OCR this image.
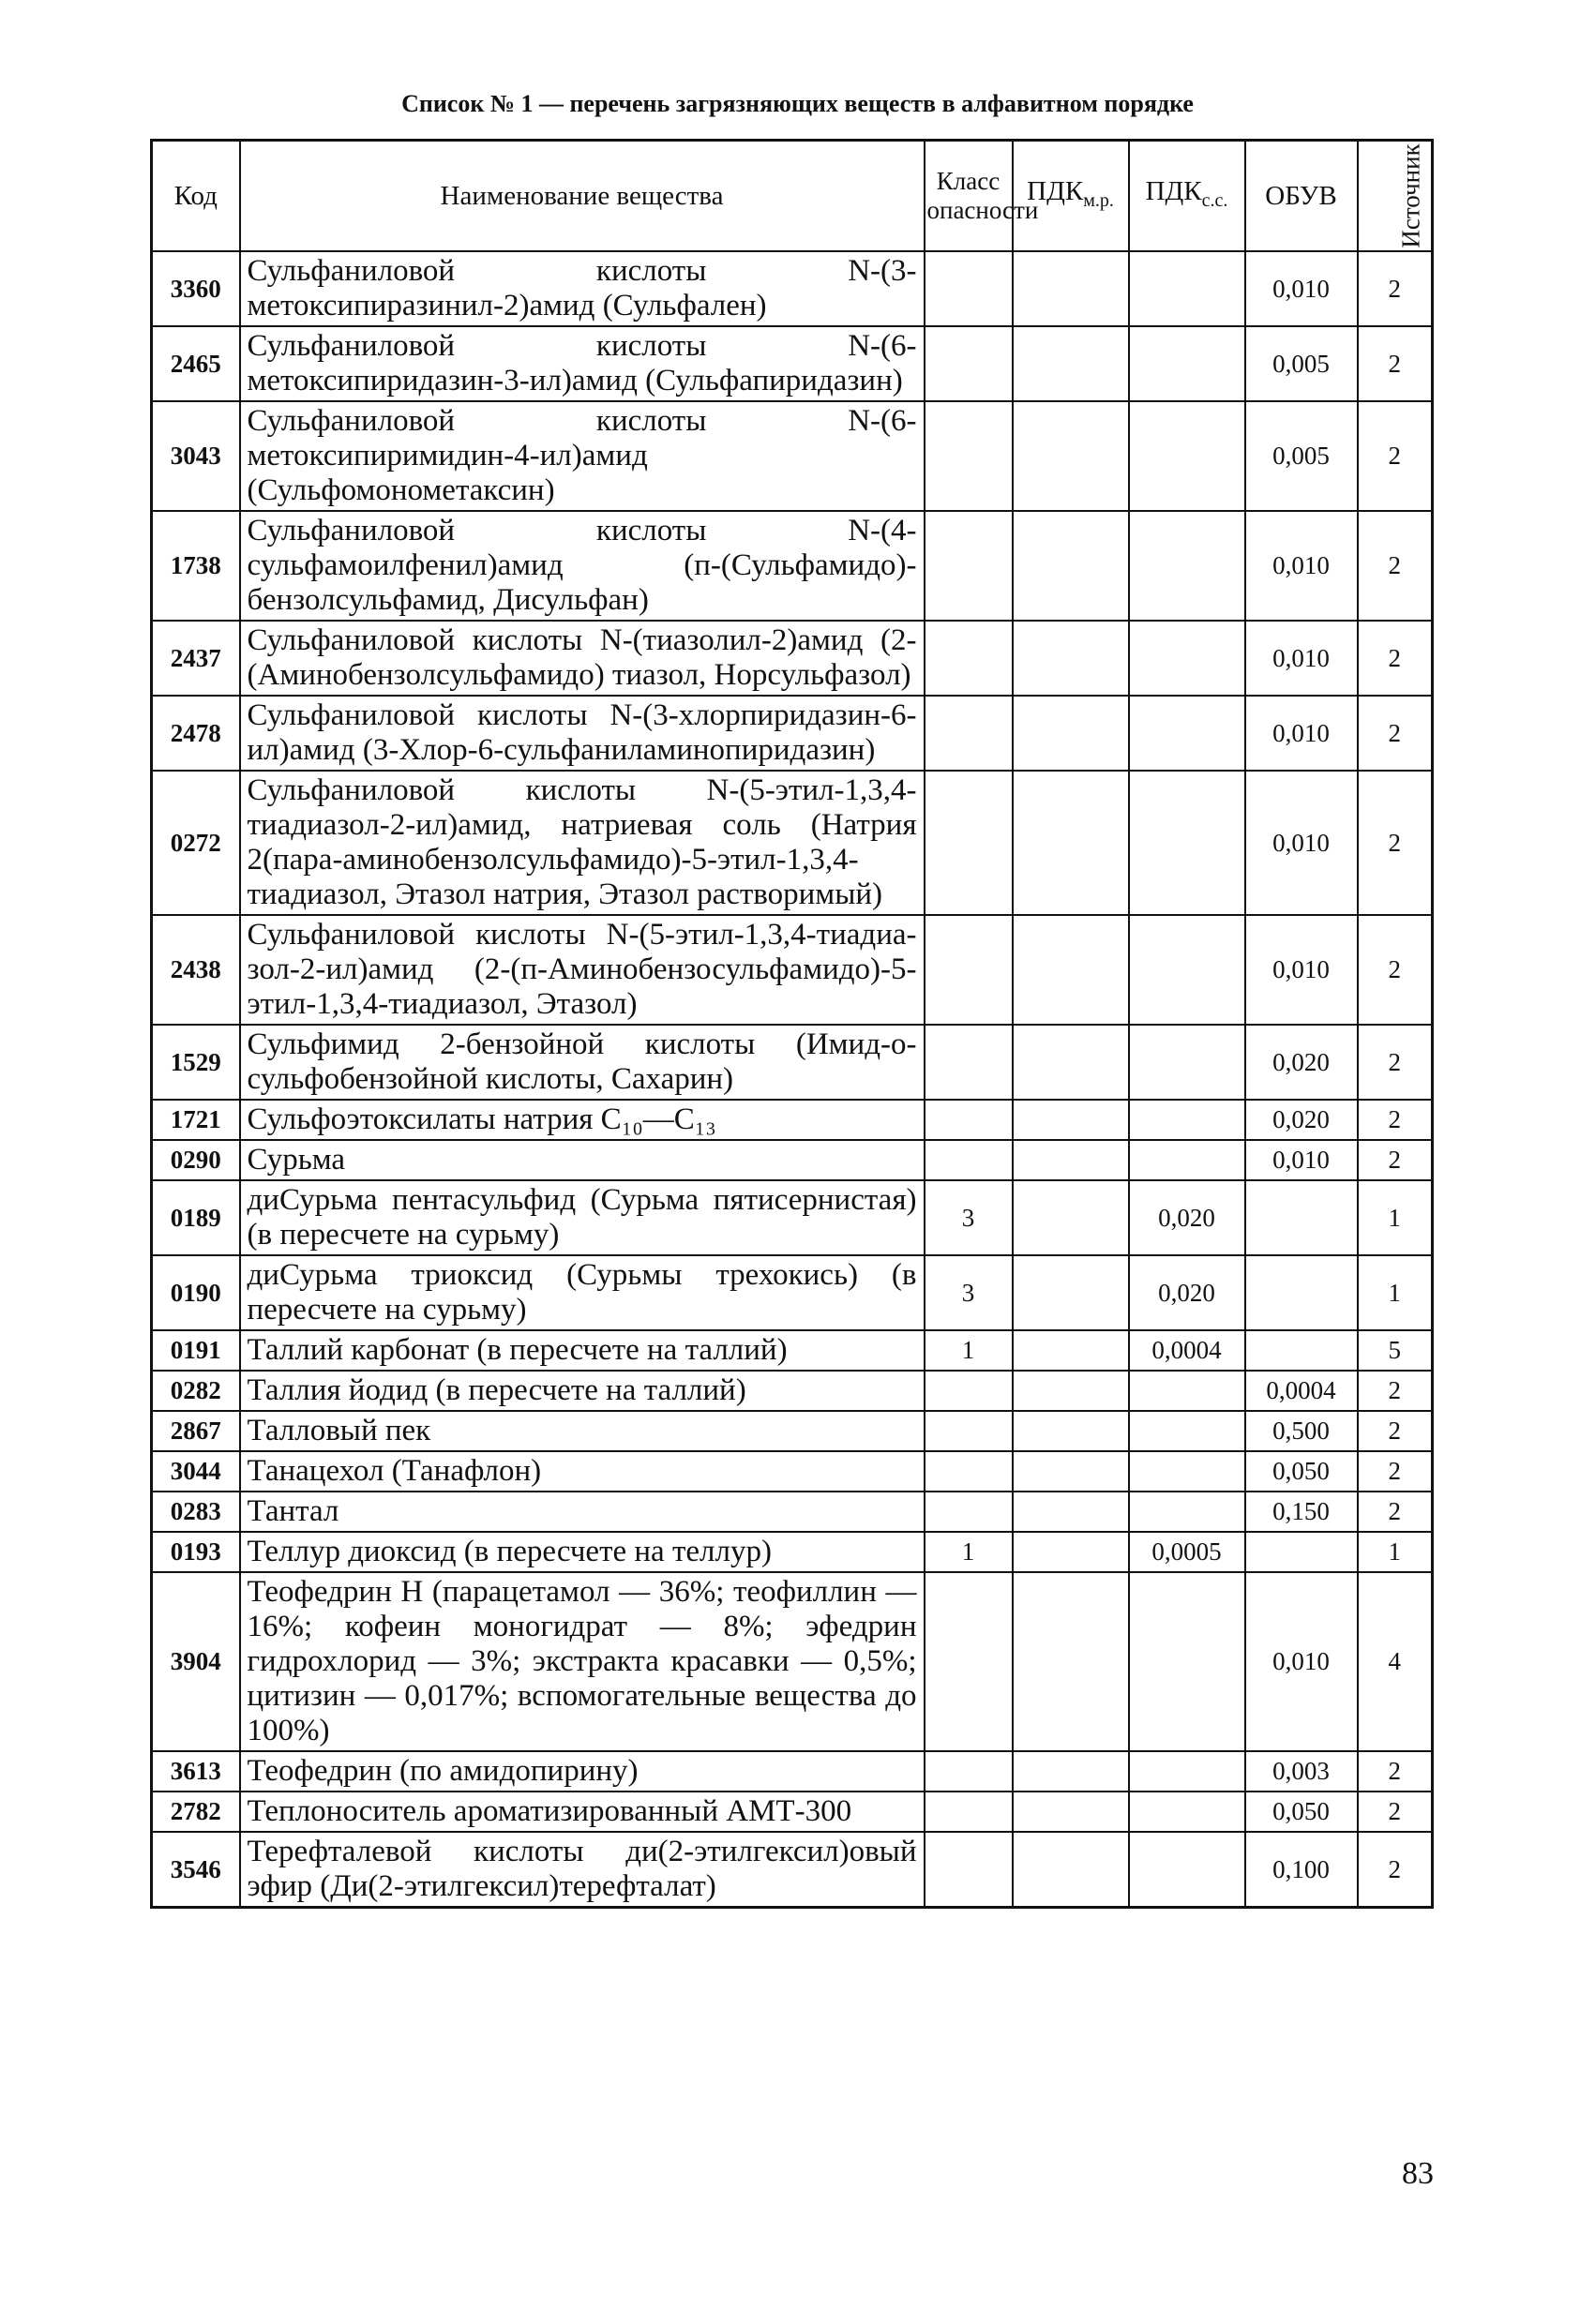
Список № 1 — перечень загрязняющих веществ в алфавитном порядке
Код	Наименование вещества	Класс опасности	$ПДК_{м.р.}$	$ПДК_{с.с.}$	ОБУВ	Источник
3360	Сульфаниловой кислоты N-(3-метоксипиразинил-2)амид (Сульфален)				0,010	2
2465	Сульфаниловой кислоты N-(6-метоксипиридазин-3-ил)амид (Сульфапиридазин)				0,005	2
3043	Сульфаниловой кислоты N-(6-метоксипиримидин-4-ил)амид (Сульфомонометаксин)				0,005	2
1738	Сульфаниловой кислоты N-(4-сульфамоилфенил)амид (п-(Сульфамидо)-бензолсульфамид, Дисульфан)				0,010	2
2437	Сульфаниловой кислоты N-(тиазолил-2)амид (2-(Аминобензолсульфамидо) тиазол, Норсульфазол)				0,010	2
2478	Сульфаниловой кислоты N-(3-хлорпиридазин-6-ил)амид (3-Хлор-6-сульфаниламинопиридазин)				0,010	2
0272	Сульфаниловой кислоты N-(5-этил-1,3,4-тиадиазол-2-ил)амид, натриевая соль (Натрия 2(пара-аминобензолсульфамидо)-5-этил-1,3,4-тиадиазол, Этазол натрия, Этазол растворимый)				0,010	2
2438	Сульфаниловой кислоты N-(5-этил-1,3,4-тиадиа-зол-2-ил)амид (2-(п-Аминобензосульфамидо)-5-этил-1,3,4-тиадиазол, Этазол)				0,010	2
1529	Сульфимид 2-бензойной кислоты (Имид-о-сульфобензойной кислоты, Сахарин)				0,020	2
1721	Сульфоэтоксилаты натрия C₁₀—C₁₃				0,020	2
0290	Сурьма				0,010	2
0189	диСурьма пентасульфид (Сурьма пятисернистая) (в пересчете на сурьму)	3		0,020		1
0190	диСурьма триоксид (Сурьмы трехокись) (в пересчете на сурьму)	3		0,020		1
0191	Таллий карбонат (в пересчете на таллий)	1		0,0004		5
0282	Таллия йодид (в пересчете на таллий)				0,0004	2
2867	Талловый пек				0,500	2
3044	Танацехол (Танафлон)				0,050	2
0283	Тантал				0,150	2
0193	Теллур диоксид (в пересчете на теллур)	1		0,0005		1
3904	Теофедрин Н (парацетамол — 36%; теофиллин — 16%; кофеин моногидрат — 8%; эфедрин гидрохлорид — 3%; экстракта красавки — 0,5%; цитизин — 0,017%; вспомогательные вещества до 100%)				0,010	4
3613	Теофедрин (по амидопирину)				0,003	2
2782	Теплоноситель ароматизированный АМТ-300				0,050	2
3546	Терефталевой кислоты ди(2-этилгексил)овый эфир (Ди(2-этилгексил)терефталат)				0,100	2
83
